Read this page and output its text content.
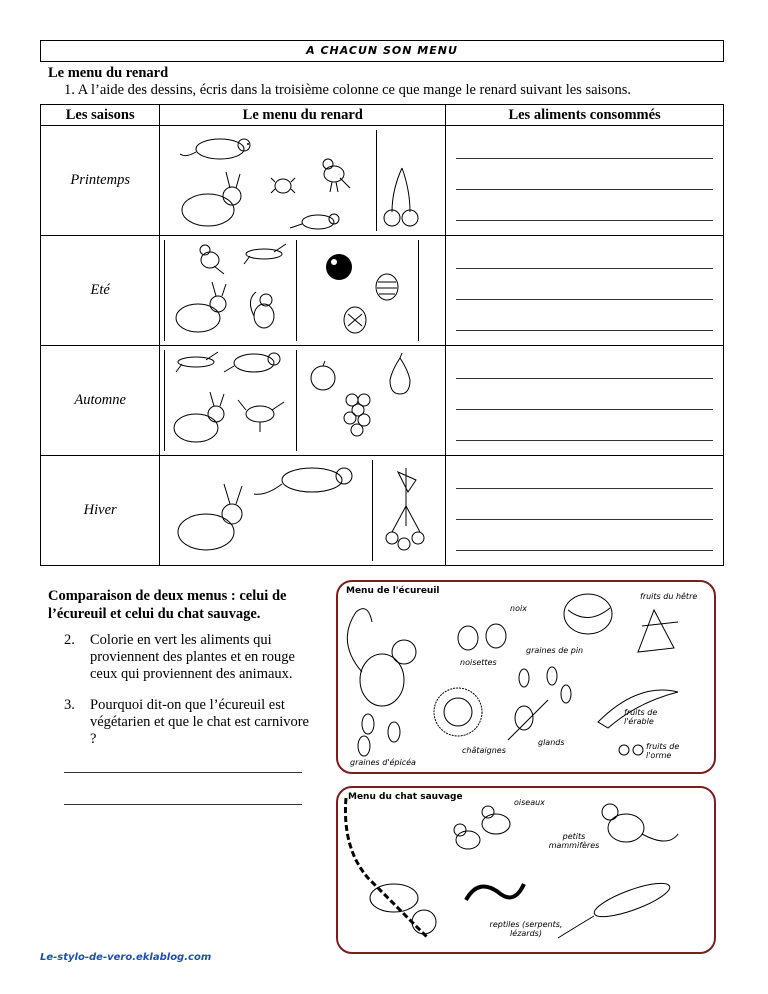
A CHACUN SON MENU
Le menu du renard
1. A l’aide des dessins, écris dans la troisième colonne ce que mange le renard suivant les saisons.
Les saisons	Le menu du renard	Les aliments consommés
Printemps	

Eté	

Automne	

Hiver	

Comparaison de deux menus : celui de l’écureuil et celui du chat sauvage.
2. Colorie en vert les aliments qui proviennent des plantes et en rouge ceux qui proviennent des animaux.
3. Pourquoi dit-on que l’écureuil est végétarien et que le chat est carnivore ?
Menu de l'écureuil
noix
fruits du hêtre
noisettes
graines de pin
châtaignes
glands
fruits de l'érable
fruits de l'orme
graines d'épicéa
Menu du chat sauvage
oiseaux
petits mammifères
reptiles (serpents, lézards)
Le-stylo-de-vero.eklablog.com
